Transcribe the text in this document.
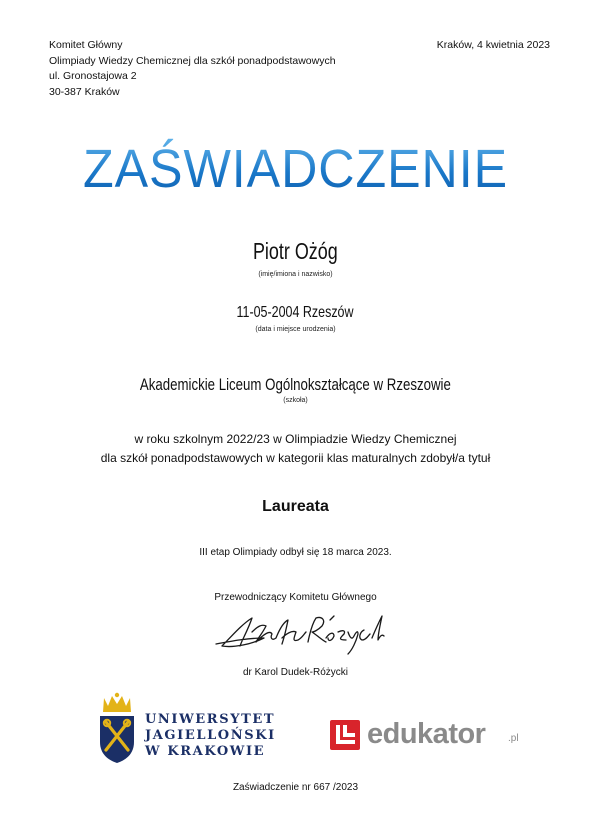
Komitet Główny
Olimpiady Wiedzy Chemicznej dla szkół ponadpodstawowych
ul. Gronostajowa 2
30-387 Kraków
Kraków, 4 kwietnia 2023
ZAŚWIADCZENIE
Piotr Ożóg
(imię/imiona i nazwisko)
11-05-2004 Rzeszów
(data i miejsce urodzenia)
Akademickie Liceum Ogólnokształcące w Rzeszowie
(szkoła)
w roku szkolnym 2022/23 w Olimpiadzie Wiedzy Chemicznej
dla szkół ponadpodstawowych w kategorii klas maturalnych zdobył/a tytuł
Laureata
III etap Olimpiady odbył się 18 marca 2023.
Przewodniczący Komitetu Głównego
dr Karol Dudek-Różycki
UNIWERSYTET
JAGIELLOŃSKI
W KRAKOWIE
edukator .pl
Zaświadczenie nr 667 /2023
